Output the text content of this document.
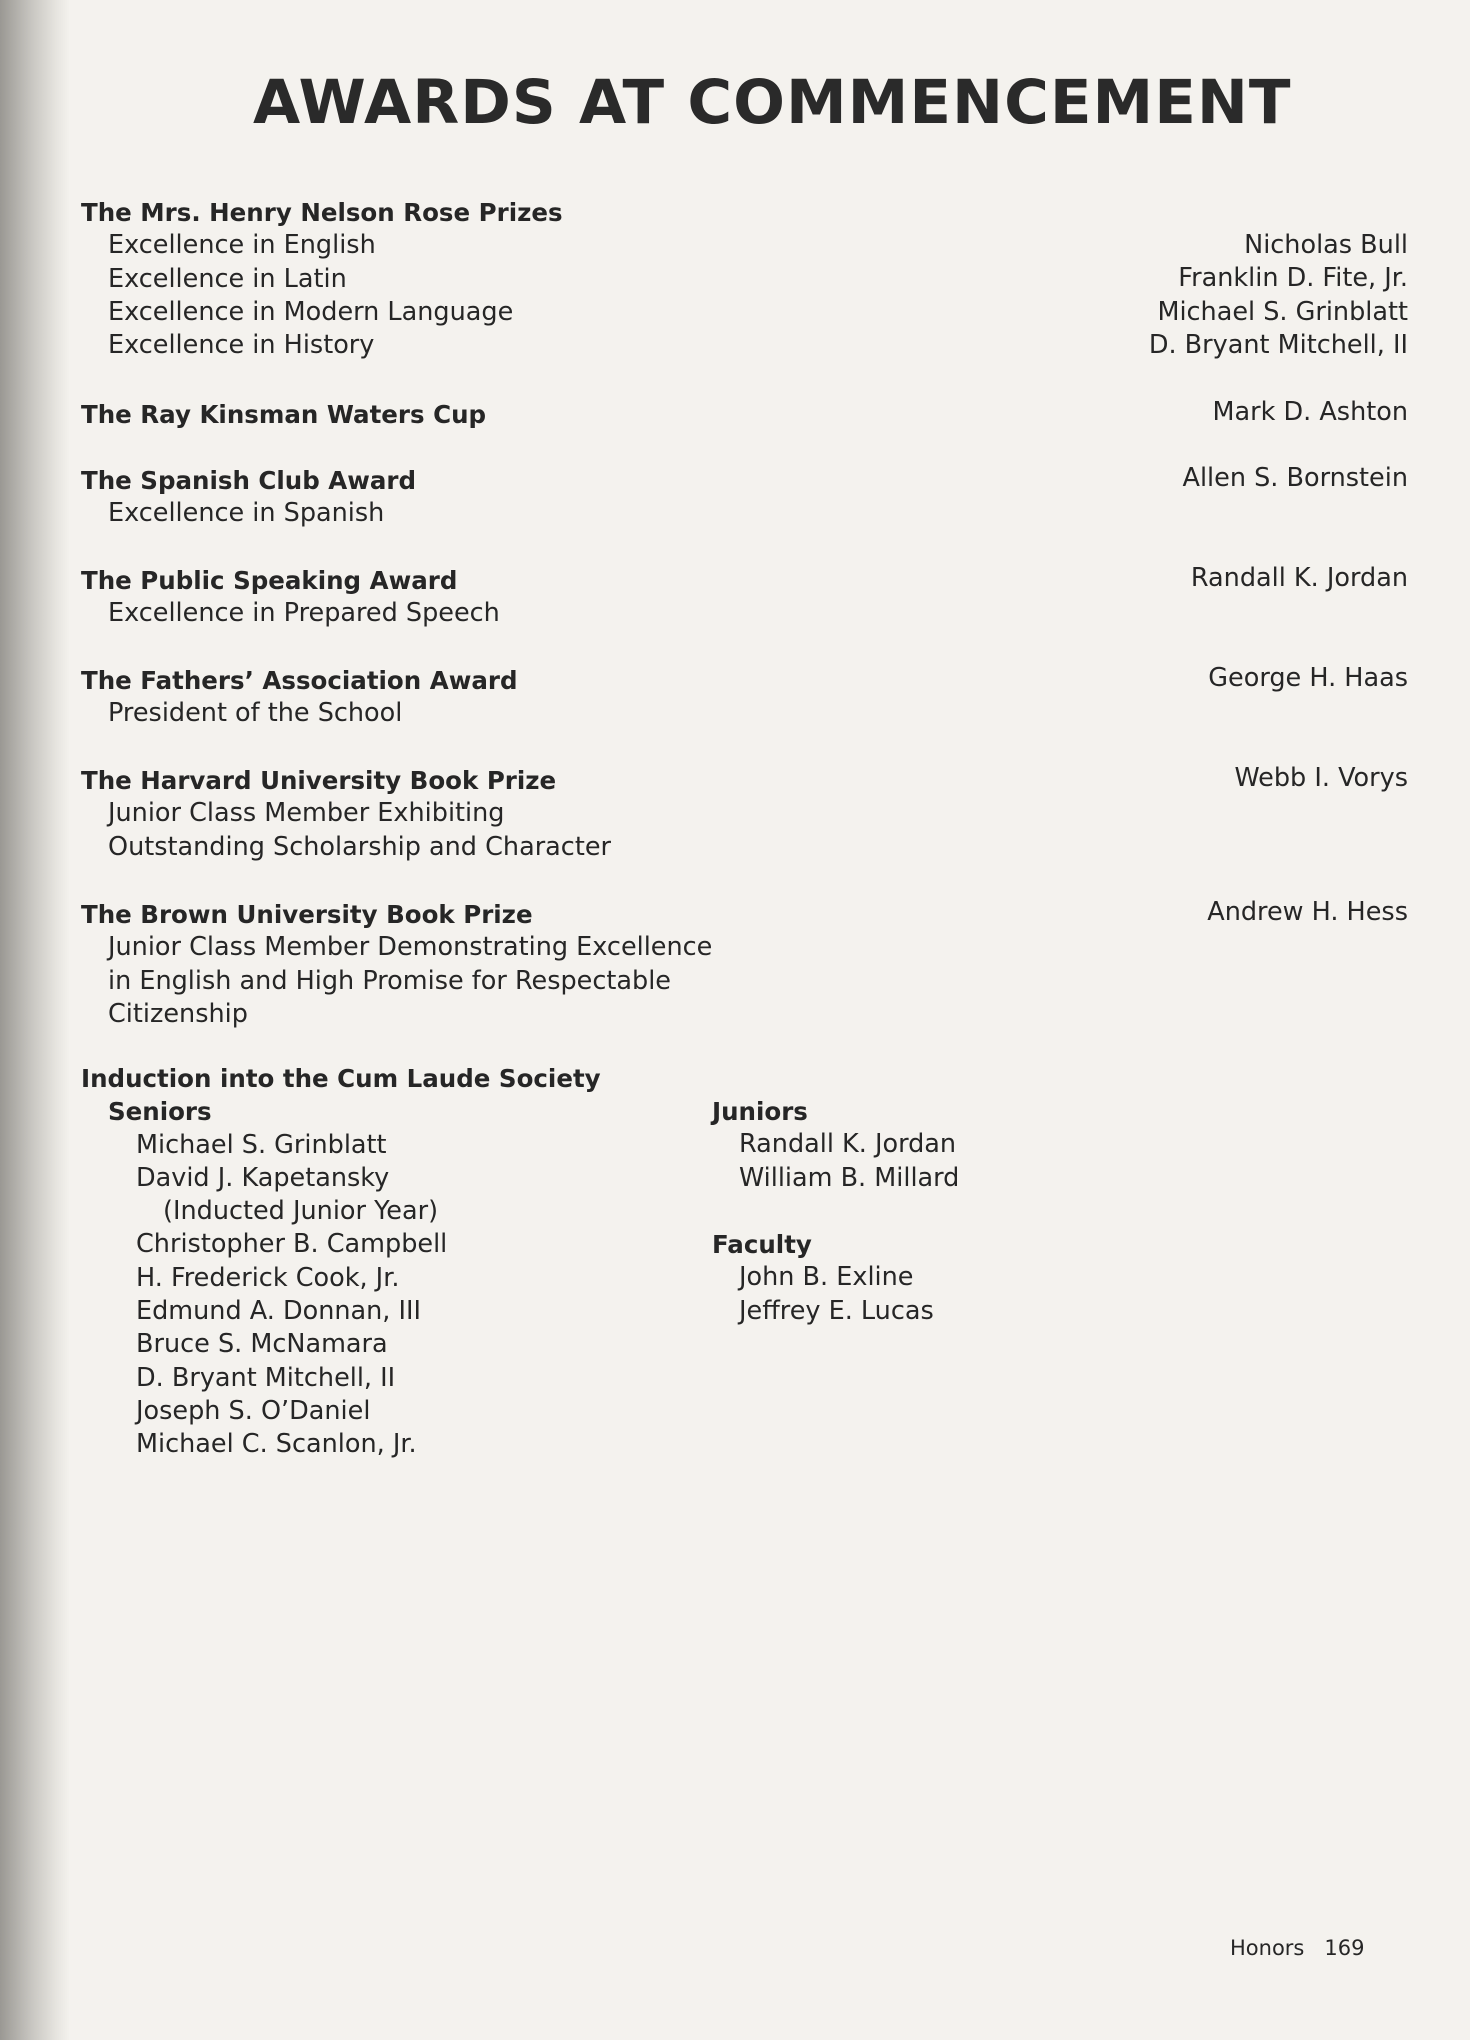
AWARDS AT COMMENCEMENT
The Mrs. Henry Nelson Rose Prizes
Excellence in English
Excellence in Latin
Excellence in Modern Language
Excellence in History
Nicholas Bull
Franklin D. Fite, Jr.
Michael S. Grinblatt
D. Bryant Mitchell, II
The Ray Kinsman Waters Cup	Mark D. Ashton
The Spanish Club Award
Excellence in Spanish
Allen S. Bornstein
The Public Speaking Award
Excellence in Prepared Speech
Randall K. Jordan
The Fathers’ Association Award
President of the School
George H. Haas
The Harvard University Book Prize
Junior Class Member Exhibiting
Outstanding Scholarship and Character
Webb I. Vorys
The Brown University Book Prize
Junior Class Member Demonstrating Excellence
in English and High Promise for Respectable
Citizenship
Andrew H. Hess
Induction into the Cum Laude Society
Seniors
Michael S. Grinblatt
David J. Kapetansky
(Inducted Junior Year)
Christopher B. Campbell
H. Frederick Cook, Jr.
Edmund A. Donnan, III
Bruce S. McNamara
D. Bryant Mitchell, II
Joseph S. O’Daniel
Michael C. Scanlon, Jr.
Juniors
Randall K. Jordan
William B. Millard
Faculty
John B. Exline
Jeffrey E. Lucas
Honors 169
